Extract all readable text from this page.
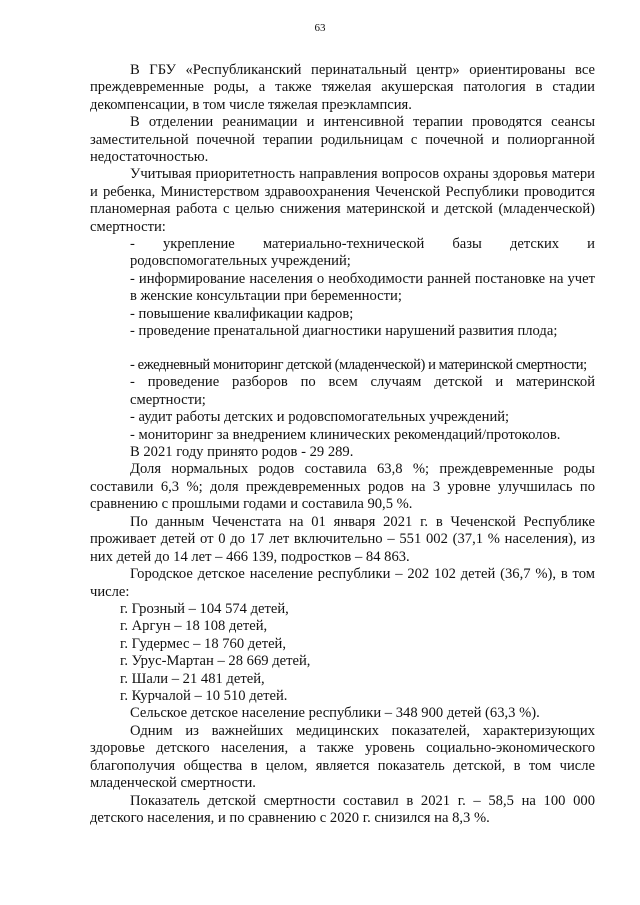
63

В ГБУ «Республиканский перинатальный центр» ориентированы все преждевременные роды, а также тяжелая акушерская патология в стадии декомпенсации, в том числе тяжелая преэклампсия.

В отделении реанимации и интенсивной терапии проводятся сеансы заместительной почечной терапии родильницам с почечной и полиорганной недостаточностью.

Учитывая приоритетность направления вопросов охраны здоровья матери и ребенка, Министерством здравоохранения Чеченской Республики проводится планомерная работа с целью снижения материнской и детской (младенческой) смертности:

- укрепление материально-технической базы детских и родовспомогательных учреждений;

- информирование населения о необходимости ранней постановке на учет в женские консультации при беременности;

- повышение квалификации кадров;

- проведение пренатальной диагностики нарушений развития плода;

- ежедневный мониторинг детской (младенческой) и материнской смертности;

- проведение разборов по всем случаям детской и материнской смертности;

- аудит работы детских и родовспомогательных учреждений;

- мониторинг за внедрением клинических рекомендаций/протоколов.

В 2021 году принято родов - 29 289.

Доля нормальных родов составила 63,8 %; преждевременные роды составили 6,3 %; доля преждевременных родов на 3 уровне улучшилась по сравнению с прошлыми годами и составила 90,5 %.

По данным Чеченстата на 01 января 2021 г. в Чеченской Республике проживает детей от 0 до 17 лет включительно – 551 002 (37,1 % населения), из них детей до 14 лет – 466 139, подростков – 84 863.

Городское детское население республики – 202 102 детей (36,7 %), в том числе:

г. Грозный – 104 574 детей,

г. Аргун – 18 108 детей,

г. Гудермес – 18 760 детей,

г. Урус-Мартан – 28 669 детей,

г. Шали – 21 481 детей,

г. Курчалой – 10 510 детей.

Сельское детское население республики – 348 900 детей (63,3 %).

Одним из важнейших медицинских показателей, характеризующих здоровье детского населения, а также уровень социально-экономического благополучия общества в целом, является показатель детской, в том числе младенческой смертности.

Показатель детской смертности составил в 2021 г. – 58,5 на 100 000 детского населения, и по сравнению с 2020 г. снизился на 8,3 %.
